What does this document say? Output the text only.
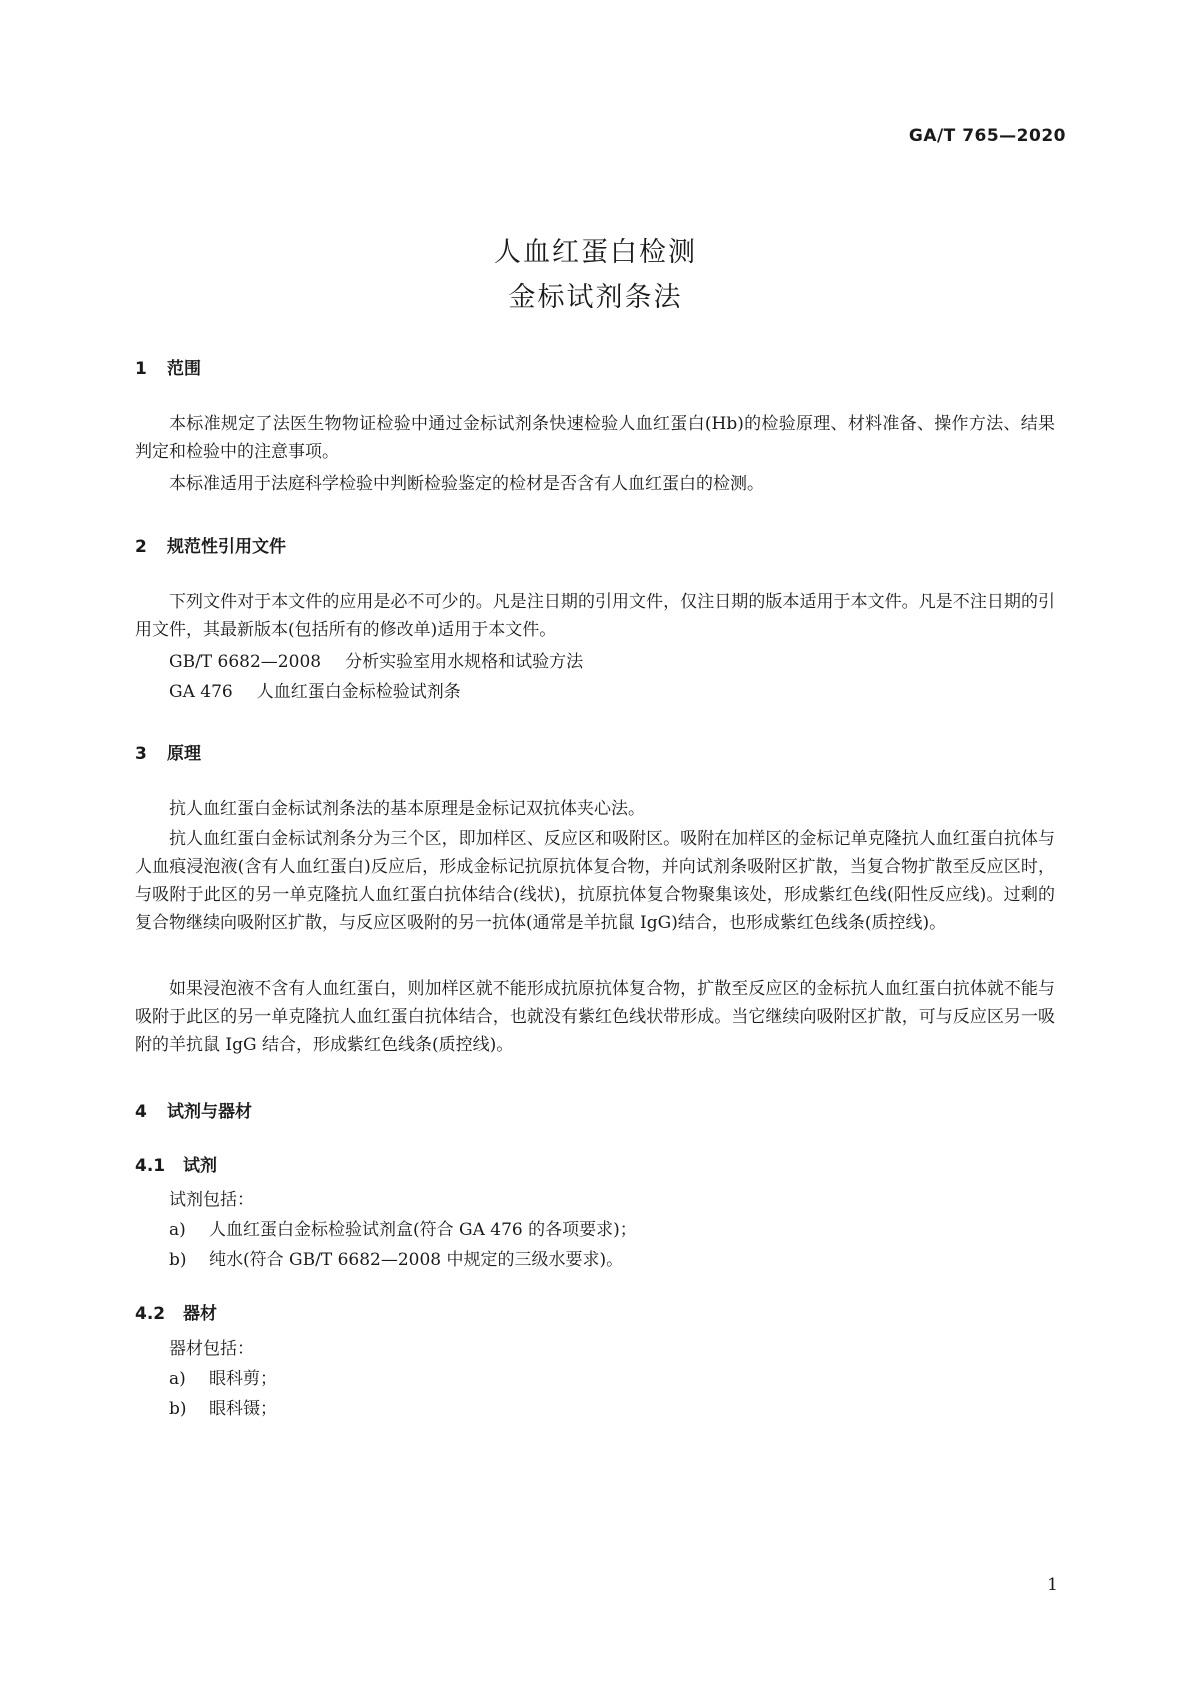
GA/T 765—2020
人血红蛋白检测
金标试剂条法
1 范围

本标准规定了法医生物物证检验中通过金标试剂条快速检验人血红蛋白(Hb)的检验原理、材料准备、操作方法、结果判定和检验中的注意事项。

本标准适用于法庭科学检验中判断检验鉴定的检材是否含有人血红蛋白的检测。

2 规范性引用文件

下列文件对于本文件的应用是必不可少的。凡是注日期的引用文件，仅注日期的版本适用于本文件。凡是不注日期的引用文件，其最新版本(包括所有的修改单)适用于本文件。

GB/T 6682—2008 分析实验室用水规格和试验方法

GA 476 人血红蛋白金标检验试剂条

3 原理

抗人血红蛋白金标试剂条法的基本原理是金标记双抗体夹心法。

抗人血红蛋白金标试剂条分为三个区，即加样区、反应区和吸附区。吸附在加样区的金标记单克隆抗人血红蛋白抗体与人血痕浸泡液(含有人血红蛋白)反应后，形成金标记抗原抗体复合物，并向试剂条吸附区扩散，当复合物扩散至反应区时，与吸附于此区的另一单克隆抗人血红蛋白抗体结合(线状)，抗原抗体复合物聚集该处，形成紫红色线(阳性反应线)。过剩的复合物继续向吸附区扩散，与反应区吸附的另一抗体(通常是羊抗鼠 IgG)结合，也形成紫红色线条(质控线)。

如果浸泡液不含有人血红蛋白，则加样区就不能形成抗原抗体复合物，扩散至反应区的金标抗人血红蛋白抗体就不能与吸附于此区的另一单克隆抗人血红蛋白抗体结合，也就没有紫红色线状带形成。当它继续向吸附区扩散，可与反应区另一吸附的羊抗鼠 IgG 结合，形成紫红色线条(质控线)。

4 试剂与器材
4.1 试剂

试剂包括：

a) 人血红蛋白金标检验试剂盒(符合 GA 476 的各项要求)；

b) 纯水(符合 GB/T 6682—2008 中规定的三级水要求)。

4.2 器材

器材包括：

a) 眼科剪；

b) 眼科镊；

1
